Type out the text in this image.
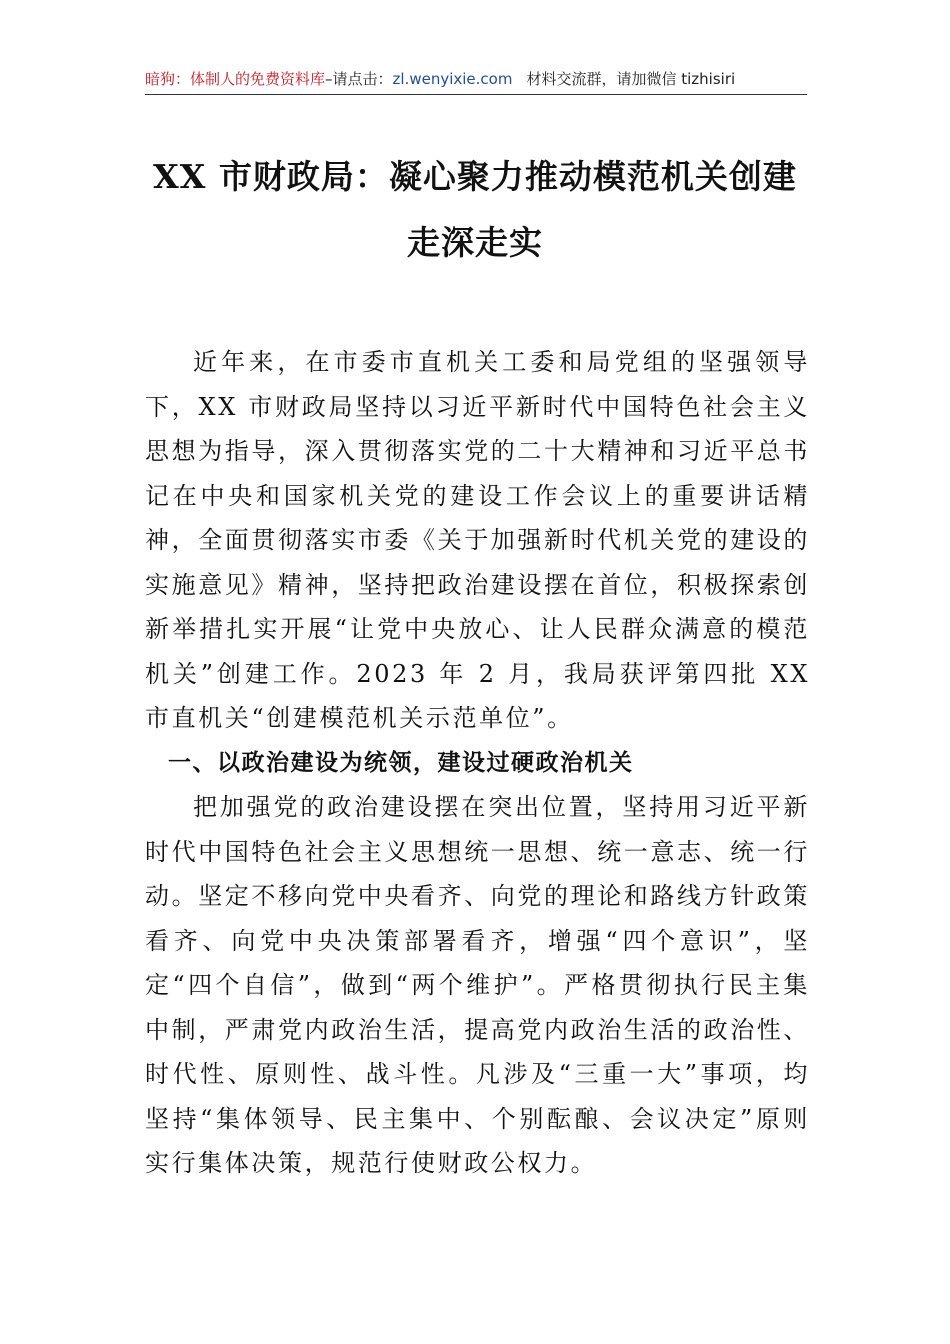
暗狗：体制人的免费资料库–请点击：zl.wenyixie.com 材料交流群，请加微信 tizhisiri
XX 市财政局：凝心聚力推动模范机关创建
走深走实

近年来，在市委市直机关工委和局党组的坚强领导下，XX 市财政局坚持以习近平新时代中国特色社会主义思想为指导，深入贯彻落实党的二十大精神和习近平总书记在中央和国家机关党的建设工作会议上的重要讲话精神，全面贯彻落实市委《关于加强新时代机关党的建设的实施意见》精神，坚持把政治建设摆在首位，积极探索创新举措扎实开展“让党中央放心、让人民群众满意的模范机关”创建工作。2023 年 2 月，我局获评第四批 XX 市直机关“创建模范机关示范单位”。

一、以政治建设为统领，建设过硬政治机关

把加强党的政治建设摆在突出位置，坚持用习近平新时代中国特色社会主义思想统一思想、统一意志、统一行动。坚定不移向党中央看齐、向党的理论和路线方针政策看齐、向党中央决策部署看齐，增强“四个意识”，坚定“四个自信”，做到“两个维护”。严格贯彻执行民主集中制，严肃党内政治生活，提高党内政治生活的政治性、时代性、原则性、战斗性。凡涉及“三重一大”事项，均坚持“集体领导、民主集中、个别酝酿、会议决定”原则实行集体决策，规范行使财政公权力。
